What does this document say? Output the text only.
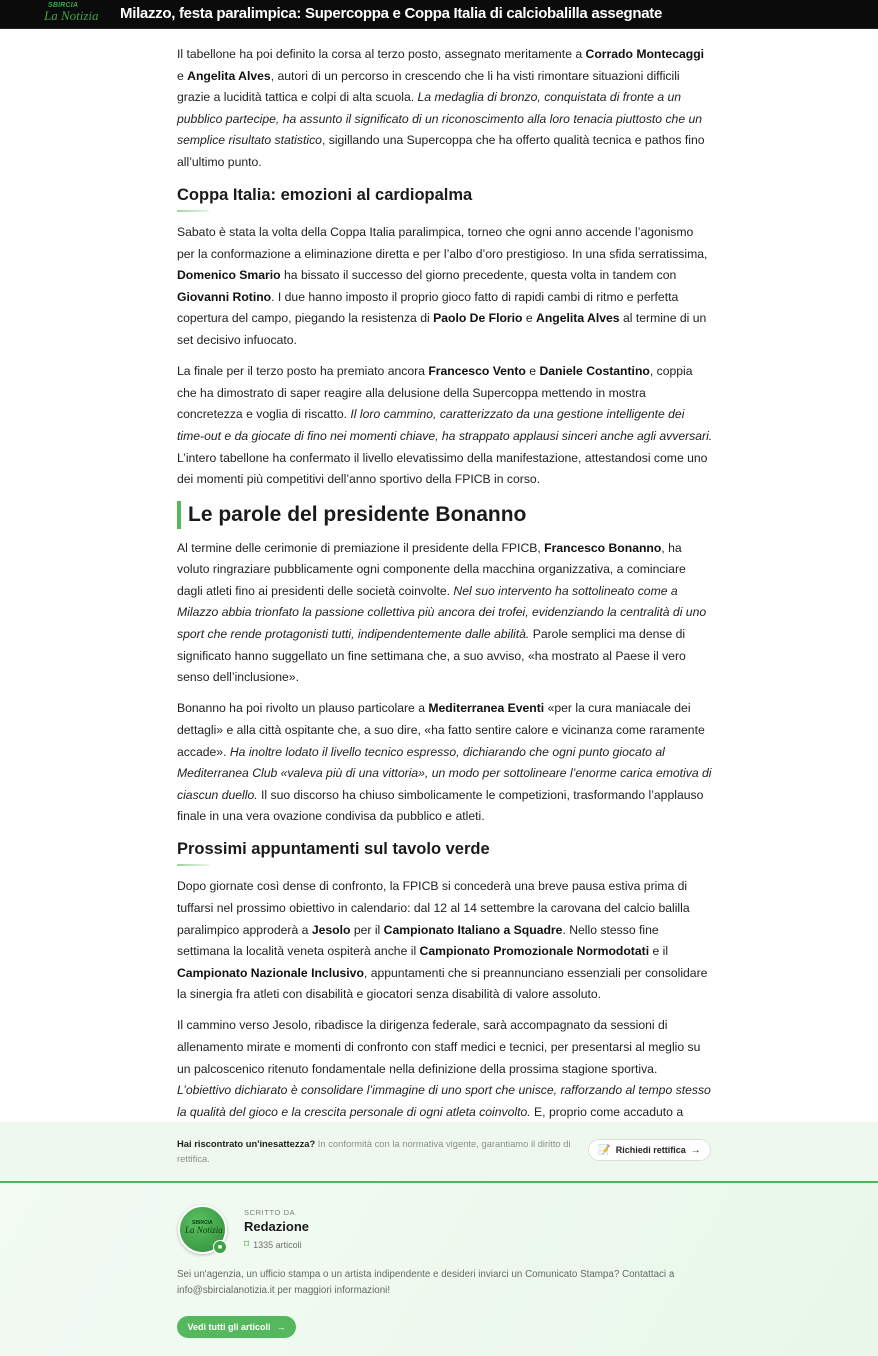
SBIRCIA
La Notizia Milazzo, festa paralimpica: Supercoppa e Coppa Italia di calciobalilla assegnate

Il tabellone ha poi definito la corsa al terzo posto, assegnato meritamente a Corrado Montecaggi e Angelita Alves, autori di un percorso in crescendo che li ha visti rimontare situazioni difficili grazie a lucidità tattica e colpi di alta scuola. La medaglia di bronzo, conquistata di fronte a un pubblico partecipe, ha assunto il significato di un riconoscimento alla loro tenacia piuttosto che un semplice risultato statistico, sigillando una Supercoppa che ha offerto qualità tecnica e pathos fino all’ultimo punto.

Coppa Italia: emozioni al cardiopalma

Sabato è stata la volta della Coppa Italia paralimpica, torneo che ogni anno accende l’agonismo per la conformazione a eliminazione diretta e per l’albo d’oro prestigioso. In una sfida serratissima, Domenico Smario ha bissato il successo del giorno precedente, questa volta in tandem con Giovanni Rotino. I due hanno imposto il proprio gioco fatto di rapidi cambi di ritmo e perfetta copertura del campo, piegando la resistenza di Paolo De Florio e Angelita Alves al termine di un set decisivo infuocato.

La finale per il terzo posto ha premiato ancora Francesco Vento e Daniele Costantino, coppia che ha dimostrato di saper reagire alla delusione della Supercoppa mettendo in mostra concretezza e voglia di riscatto. Il loro cammino, caratterizzato da una gestione intelligente dei time-out e da giocate di fino nei momenti chiave, ha strappato applausi sinceri anche agli avversari. L’intero tabellone ha confermato il livello elevatissimo della manifestazione, attestandosi come uno dei momenti più competitivi dell’anno sportivo della FPICB in corso.

Le parole del presidente Bonanno

Al termine delle cerimonie di premiazione il presidente della FPICB, Francesco Bonanno, ha voluto ringraziare pubblicamente ogni componente della macchina organizzativa, a cominciare dagli atleti fino ai presidenti delle società coinvolte. Nel suo intervento ha sottolineato come a Milazzo abbia trionfato la passione collettiva più ancora dei trofei, evidenziando la centralità di uno sport che rende protagonisti tutti, indipendentemente dalle abilità. Parole semplici ma dense di significato hanno suggellato un fine settimana che, a suo avviso, «ha mostrato al Paese il vero senso dell’inclusione».

Bonanno ha poi rivolto un plauso particolare a Mediterranea Eventi «per la cura maniacale dei dettagli» e alla città ospitante che, a suo dire, «ha fatto sentire calore e vicinanza come raramente accade». Ha inoltre lodato il livello tecnico espresso, dichiarando che ogni punto giocato al Mediterranea Club «valeva più di una vittoria», un modo per sottolineare l’enorme carica emotiva di ciascun duello. Il suo discorso ha chiuso simbolicamente le competizioni, trasformando l’applauso finale in una vera ovazione condivisa da pubblico e atleti.

Prossimi appuntamenti sul tavolo verde

Dopo giornate così dense di confronto, la FPICB si concederà una breve pausa estiva prima di tuffarsi nel prossimo obiettivo in calendario: dal 12 al 14 settembre la carovana del calcio balilla paralimpico approderà a Jesolo per il Campionato Italiano a Squadre. Nello stesso fine settimana la località veneta ospiterà anche il Campionato Promozionale Normodotati e il Campionato Nazionale Inclusivo, appuntamenti che si preannunciano essenziali per consolidare la sinergia fra atleti con disabilità e giocatori senza disabilità di valore assoluto.

Il cammino verso Jesolo, ribadisce la dirigenza federale, sarà accompagnato da sessioni di allenamento mirate e momenti di confronto con staff medici e tecnici, per presentarsi al meglio su un palcoscenico ritenuto fondamentale nella definizione della prossima stagione sportiva. L’obiettivo dichiarato è consolidare l’immagine di uno sport che unisce, rafforzando al tempo stesso la qualità del gioco e la crescita personale di ogni atleta coinvolto. E, proprio come accaduto a

Hai riscontrato un'inesattezza? In conformità con la normativa vigente, garantiamo il diritto di rettifica.
📝 Richiedi rettifica →
SBIRCIA
La Notizia
■
SCRITTO DA
Redazione
⌑ 1335 articoli
Sei un'agenzia, un ufficio stampa o un artista indipendente e desideri inviarci un Comunicato Stampa? Contattaci a info@sbircialanotizia.it per maggiori informazioni!
Vedi tutti gli articoli →
